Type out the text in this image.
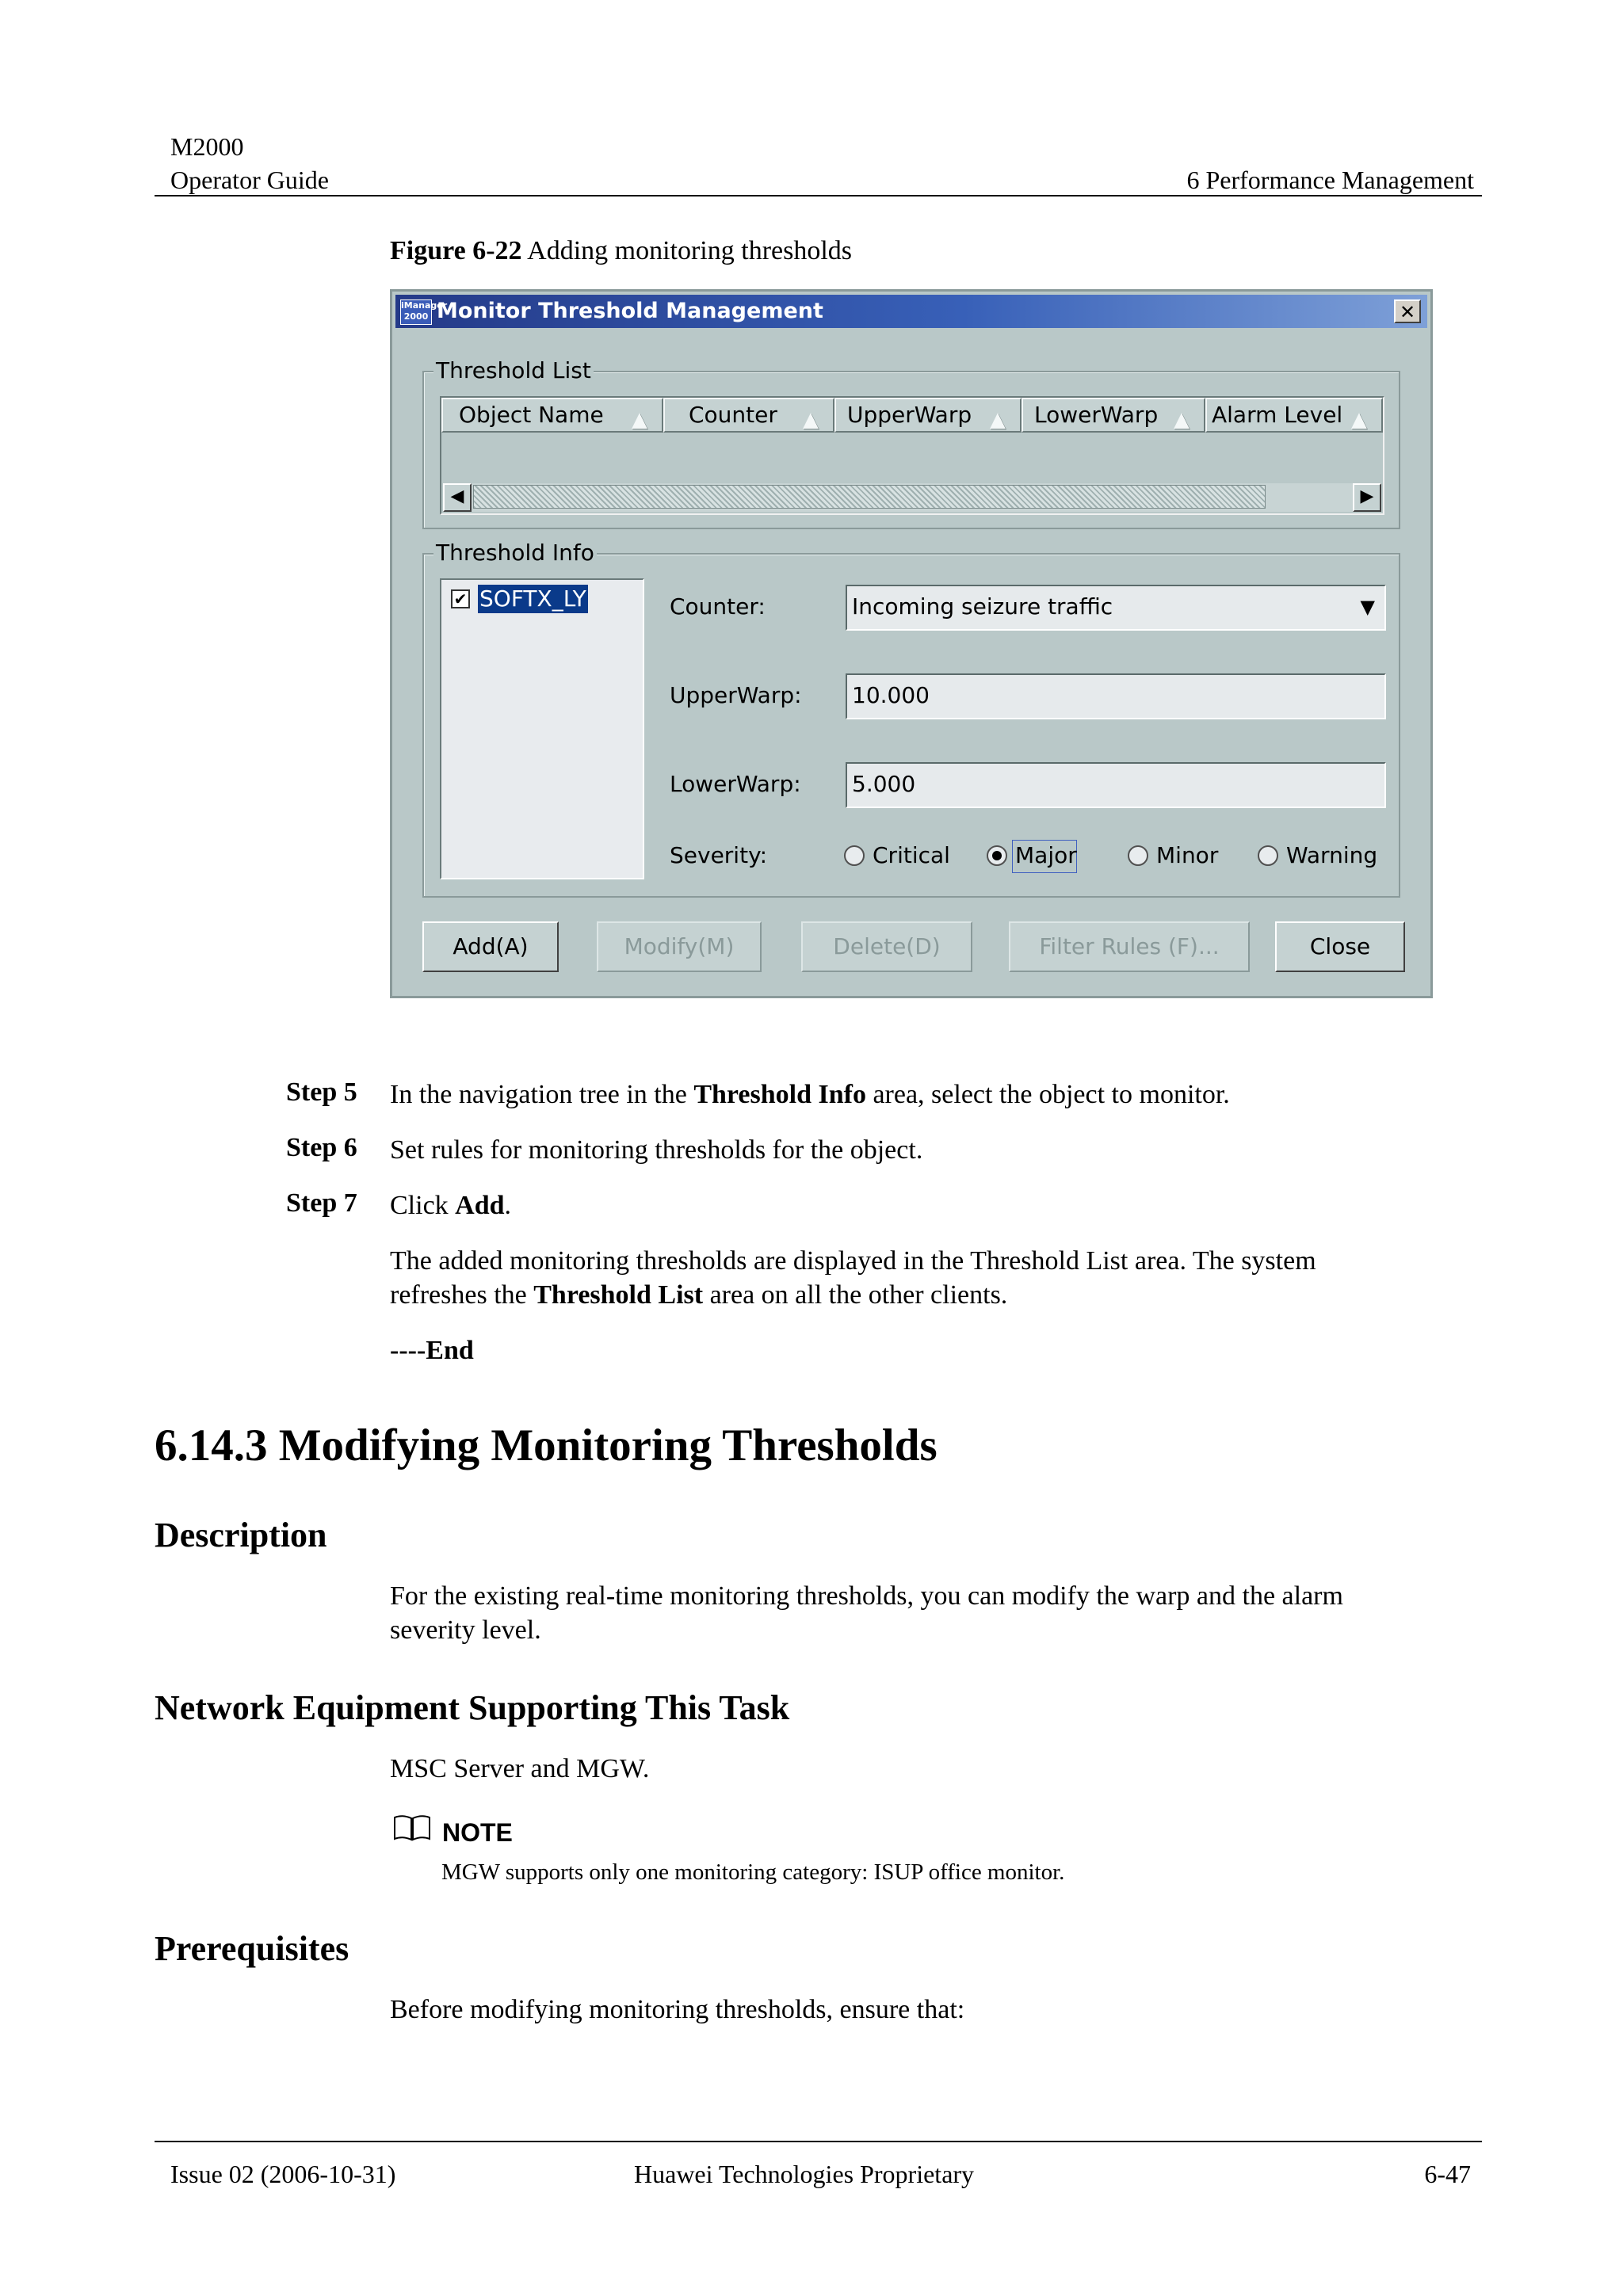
M2000
Operator Guide	6 Performance Management
Figure 6-22 Adding monitoring thresholds
iManager 2000 Monitor Threshold Management	✕
Threshold List
Object Name ▲	Counter ▲	UpperWarp ▲	LowerWarp ▲ Alarm Level ▲
◀	▶
Threshold Info
✔ SOFTX_LY	Counter:	Incoming seizure traffic	▼
UpperWarp: 10.000
LowerWarp: 5.000
Severity:	Critical	Major	Minor	Warning
Add(A)	Modify(M)	Delete(D)	Filter Rules (F)...	Close
Step 5 In the navigation tree in the Threshold Info area, select the object to monitor.
Step 6 Set rules for monitoring thresholds for the object.
Step 7 Click Add.
The added monitoring thresholds are displayed in the Threshold List area. The system
refreshes the Threshold List area on all the other clients.
----End
6.14.3 Modifying Monitoring Thresholds
Description
For the existing real-time monitoring thresholds, you can modify the warp and the alarm
severity level.
Network Equipment Supporting This Task
MSC Server and MGW.
NOTE
MGW supports only one monitoring category: ISUP office monitor.
Prerequisites
Before modifying monitoring thresholds, ensure that:
Issue 02 (2006-10-31)	Huawei Technologies Proprietary	6-47
